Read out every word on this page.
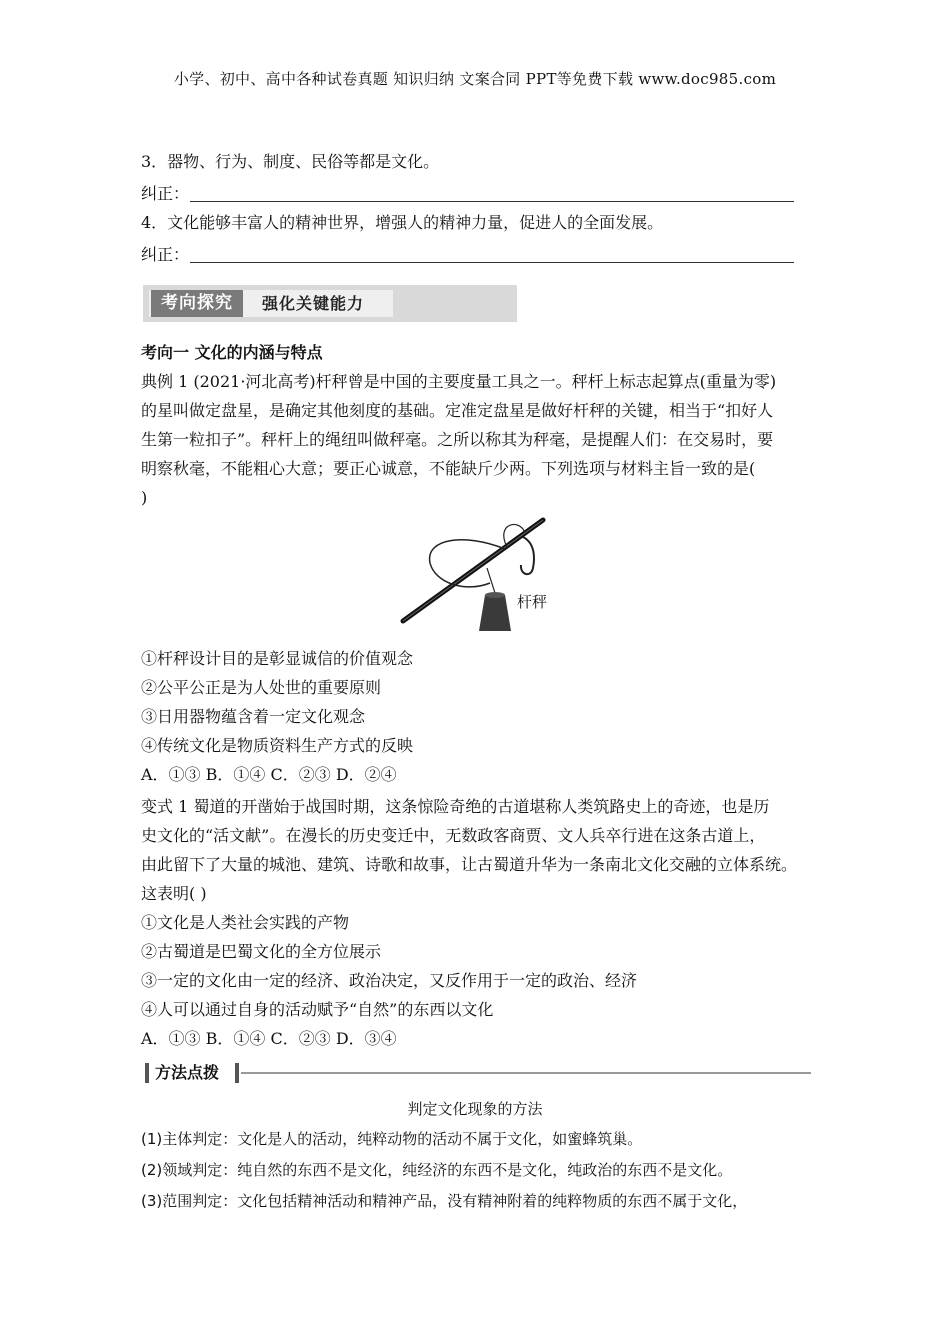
小学、初中、高中各种试卷真题 知识归纳 文案合同 PPT等免费下载 www.doc985.com
3．器物、行为、制度、民俗等都是文化。
纠正：
4．文化能够丰富人的精神世界，增强人的精神力量，促进人的全面发展。
纠正：
考向探究	强化关键能力
考向一 文化的内涵与特点
典例 1 (2021·河北高考)杆秤曾是中国的主要度量工具之一。秤杆上标志起算点(重量为零)
的星叫做定盘星，是确定其他刻度的基础。定准定盘星是做好杆秤的关键，相当于“扣好人
生第一粒扣子”。秤杆上的绳纽叫做秤毫。之所以称其为秤毫，是提醒人们：在交易时，要
明察秋毫，不能粗心大意；要正心诚意，不能缺斤少两。下列选项与材料主旨一致的是(
)
杆秤
①杆秤设计目的是彰显诚信的价值观念
②公平公正是为人处世的重要原则
③日用器物蕴含着一定文化观念
④传统文化是物质资料生产方式的反映
A．①③ B．①④ C．②③ D．②④
变式 1 蜀道的开凿始于战国时期，这条惊险奇绝的古道堪称人类筑路史上的奇迹，也是历
史文化的“活文献”。在漫长的历史变迁中，无数政客商贾、文人兵卒行进在这条古道上，
由此留下了大量的城池、建筑、诗歌和故事，让古蜀道升华为一条南北文化交融的立体系统。
这表明( )
①文化是人类社会实践的产物
②古蜀道是巴蜀文化的全方位展示
③一定的文化由一定的经济、政治决定，又反作用于一定的政治、经济
④人可以通过自身的活动赋予“自然”的东西以文化
A．①③ B．①④ C．②③ D．③④
方法点拨
判定文化现象的方法
(1)主体判定：文化是人的活动，纯粹动物的活动不属于文化，如蜜蜂筑巢。
(2)领域判定：纯自然的东西不是文化，纯经济的东西不是文化，纯政治的东西不是文化。
(3)范围判定：文化包括精神活动和精神产品，没有精神附着的纯粹物质的东西不属于文化，
